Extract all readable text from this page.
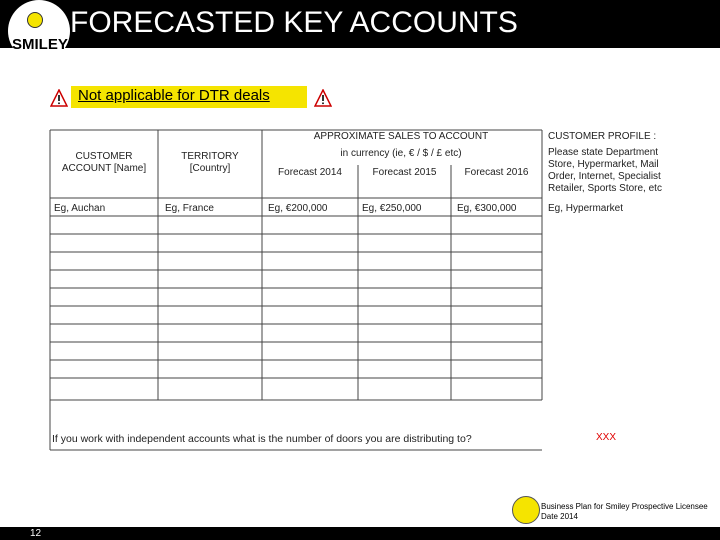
FORECASTED KEY ACCOUNTS
SMILEY
Not applicable for DTR deals
CUSTOMER ACCOUNT [Name]
TERRITORY [Country]
APPROXIMATE SALES TO ACCOUNT
in currency (ie, € / $ / £ etc)
Forecast 2014	Forecast 2015	Forecast 2016
CUSTOMER PROFILE :
Please state Department Store, Hypermarket, Mail Order, Internet, Specialist Retailer, Sports Store, etc
Eg, Auchan	Eg, France	Eg, €200,000	Eg, €250,000	Eg, €300,000	Eg, Hypermarket
If you work with independent accounts what is the number of doors you are distributing to?	XXX
Business Plan for Smiley Prospective Licensee
Date 2014
12
